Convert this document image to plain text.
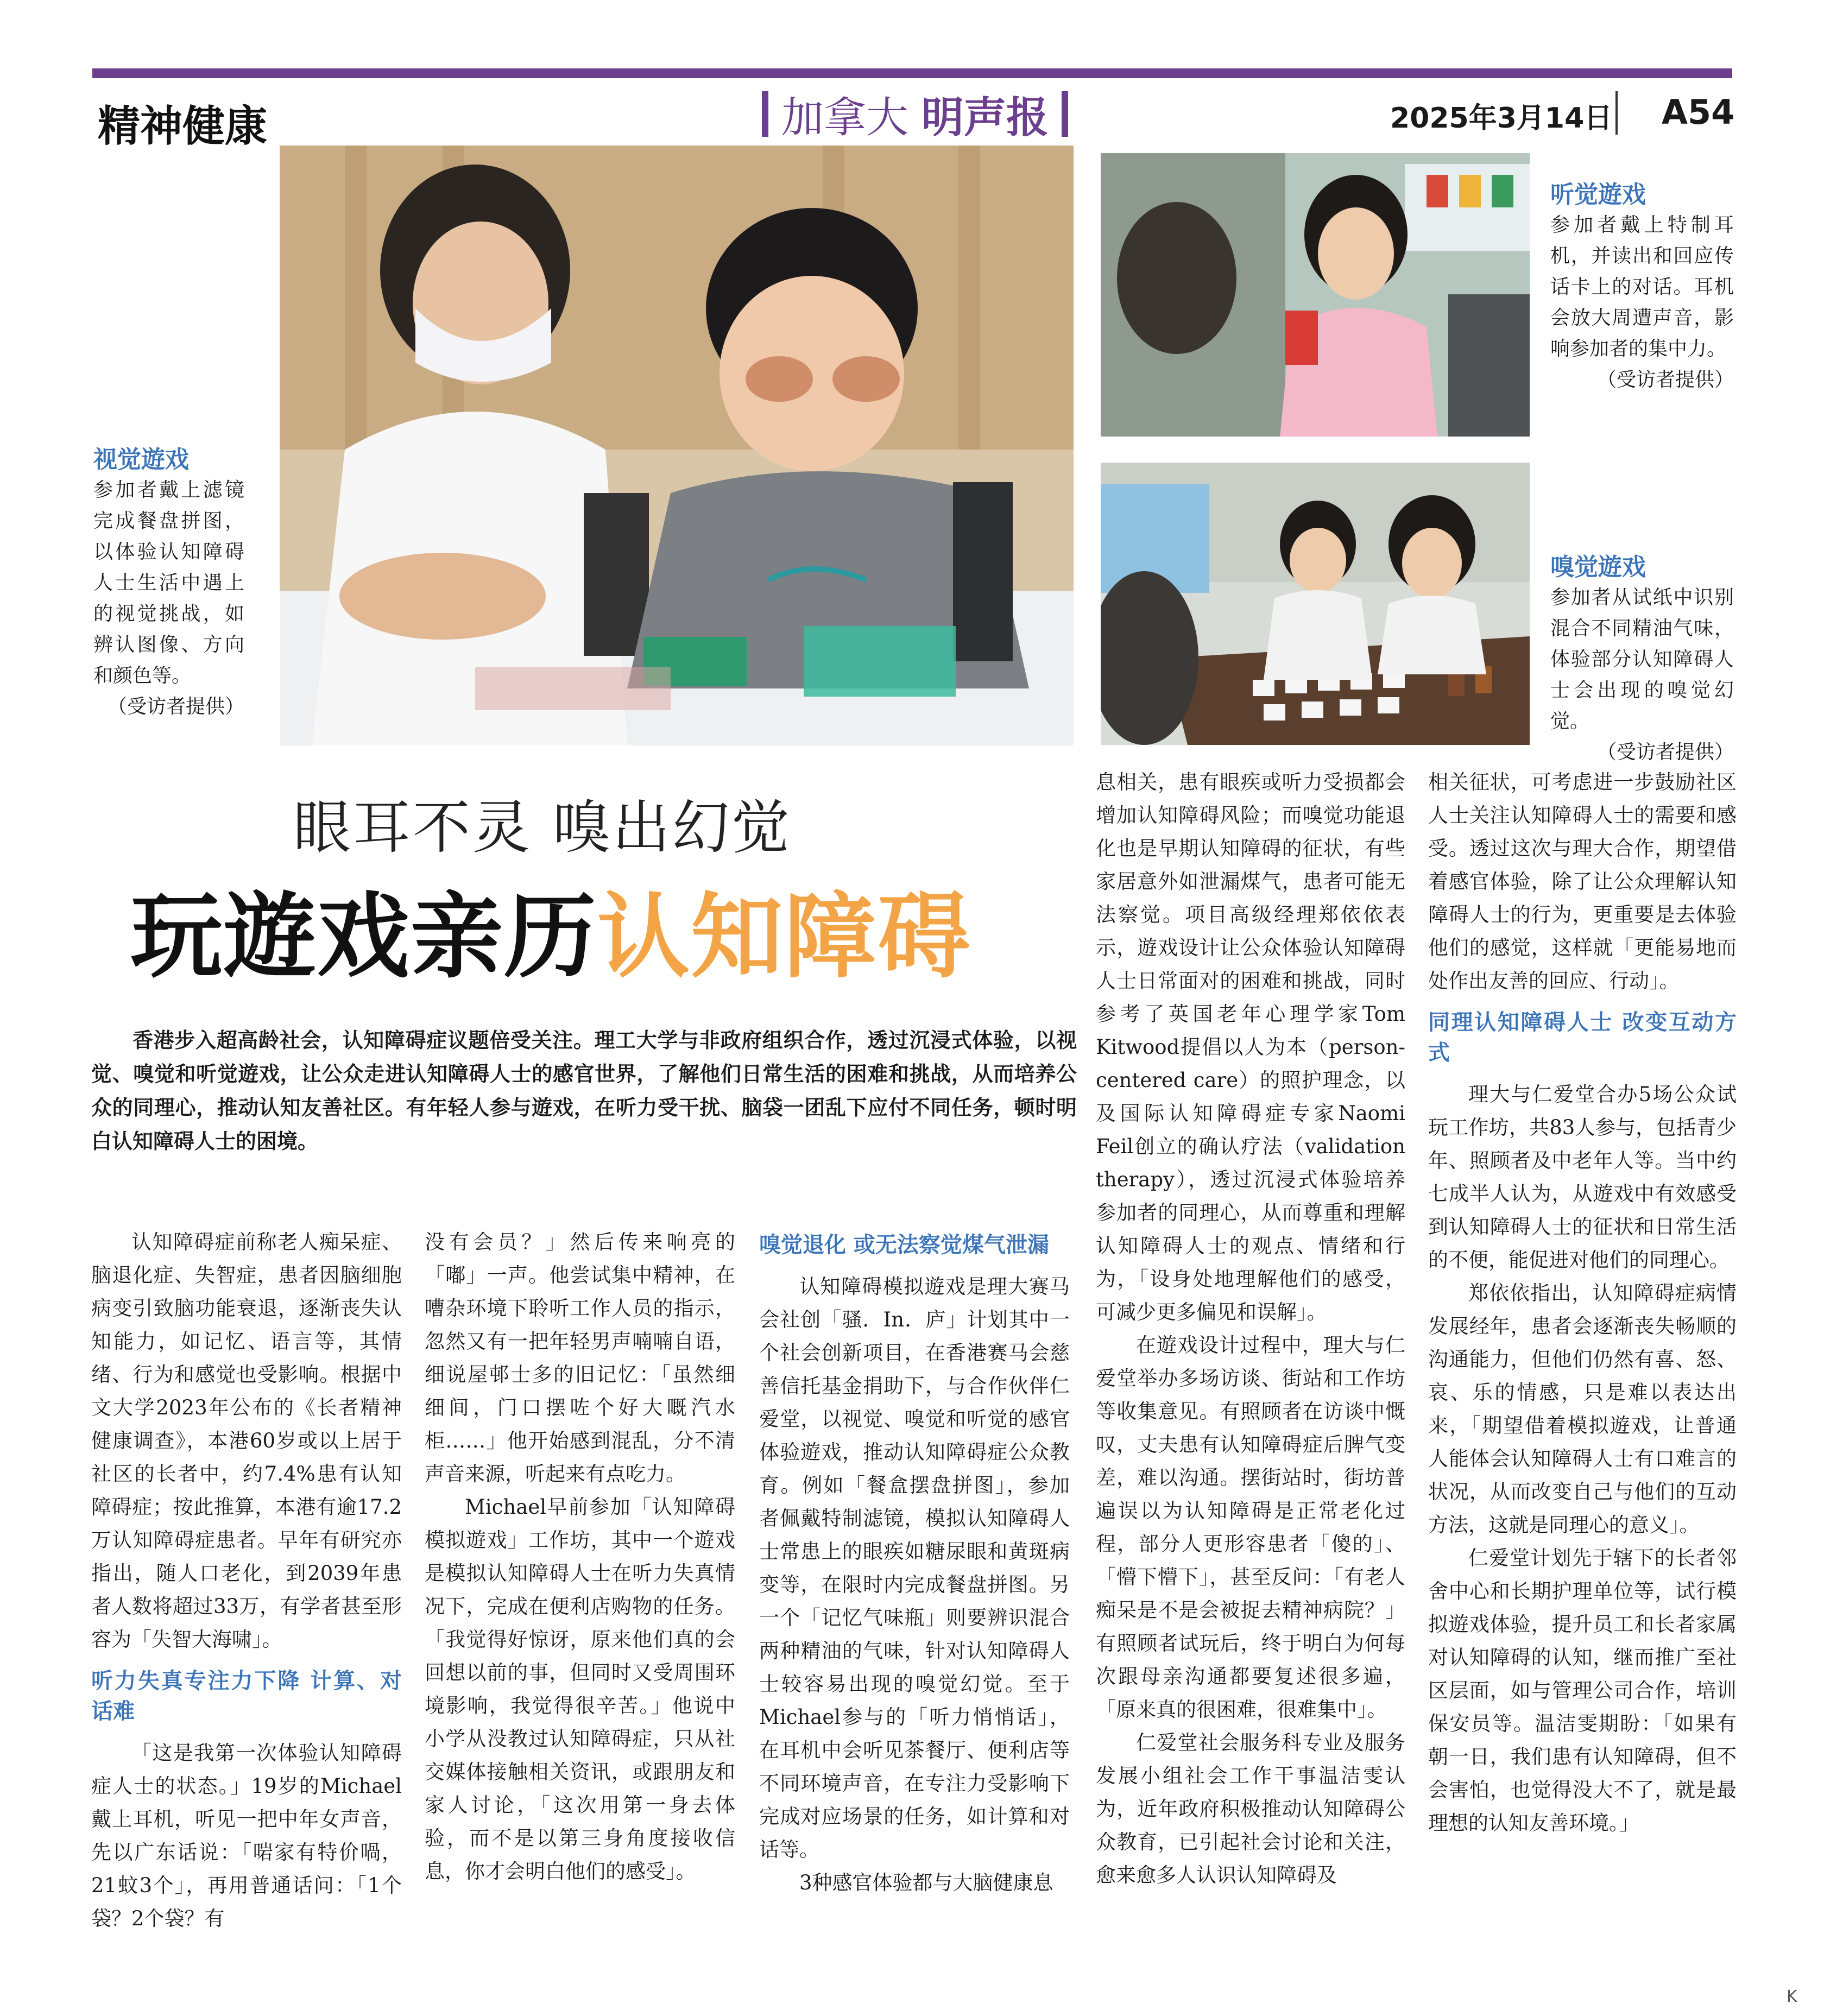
精神健康	加拿大 明声报	2025年3月14日 A54
视觉遊戏
参加者戴上滤镜完成餐盘拼图，以体验认知障碍人士生活中遇上的视觉挑战，如辨认图像、方向和颜色等。
（受访者提供）
听觉遊戏
参加者戴上特制耳机，并读出和回应传话卡上的对话。耳机会放大周遭声音，影响参加者的集中力。
（受访者提供）
嗅觉遊戏
参加者从试纸中识别混合不同精油气味，体验部分认知障碍人士会出现的嗅觉幻觉。
（受访者提供）
眼耳不灵 嗅出幻觉
玩遊戏亲历认知障碍
香港步入超高龄社会，认知障碍症议题倍受关注。理工大学与非政府组织合作，透过沉浸式体验，以视觉、嗅觉和听觉遊戏，让公众走进认知障碍人士的感官世界，了解他们日常生活的困难和挑战，从而培养公众的同理心，推动认知友善社区。有年轻人参与遊戏，在听力受干扰、脑袋一团乱下应付不同任务，顿时明白认知障碍人士的困境。

认知障碍症前称老人痴呆症、脑退化症、失智症，患者因脑细胞病变引致脑功能衰退，逐渐丧失认知能力，如记忆、语言等，其情绪、行为和感觉也受影响。根据中文大学2023年公布的《长者精神健康调查》，本港60岁或以上居于社区的长者中，约7.4%患有认知障碍症；按此推算，本港有逾17.2万认知障碍症患者。早年有研究亦指出，随人口老化，到2039年患者人数将超过33万，有学者甚至形容为「失智大海啸」。

听力失真专注力下降 计算、对话难

「这是我第一次体验认知障碍症人士的状态。」19岁的Michael戴上耳机，听见一把中年女声音，先以广东话说：「啱家有特价喎，21蚊3个」，再用普通话问：「1个袋？2个袋？有

没有会员？」然后传来响亮的「嘟」一声。他尝试集中精神，在嘈杂环境下聆听工作人员的指示，忽然又有一把年轻男声喃喃自语，细说屋邨士多的旧记忆：「虽然细细间，门口摆咗个好大嘅汽水柜……」他开始感到混乱，分不清声音来源，听起来有点吃力。

Michael早前参加「认知障碍模拟遊戏」工作坊，其中一个遊戏是模拟认知障碍人士在听力失真情况下，完成在便利店购物的任务。「我觉得好惊讶，原来他们真的会回想以前的事，但同时又受周围环境影响，我觉得很辛苦。」他说中小学从没教过认知障碍症，只从社交媒体接触相关资讯，或跟朋友和家人讨论，「这次用第一身去体验，而不是以第三身角度接收信息，你才会明白他们的感受」。

嗅觉退化 或无法察觉煤气泄漏

认知障碍模拟遊戏是理大赛马会社创「骚．In．庐」计划其中一个社会创新项目，在香港赛马会慈善信托基金捐助下，与合作伙伴仁爱堂，以视觉、嗅觉和听觉的感官体验遊戏，推动认知障碍症公众教育。例如「餐盒摆盘拼图」，参加者佩戴特制滤镜，模拟认知障碍人士常患上的眼疾如糖尿眼和黄斑病变等，在限时内完成餐盘拼图。另一个「记忆气味瓶」则要辨识混合两种精油的气味，针对认知障碍人士较容易出现的嗅觉幻觉。至于Michael参与的「听力悄悄话」，在耳机中会听见茶餐厅、便利店等不同环境声音，在专注力受影响下完成对应场景的任务，如计算和对话等。

3种感官体验都与大脑健康息

息相关，患有眼疾或听力受损都会增加认知障碍风险；而嗅觉功能退化也是早期认知障碍的征状，有些家居意外如泄漏煤气，患者可能无法察觉。项目高级经理郑依依表示，遊戏设计让公众体验认知障碍人士日常面对的困难和挑战，同时参考了英国老年心理学家Tom Kitwood提倡以人为本（person-centered care）的照护理念，以及国际认知障碍症专家Naomi Feil创立的确认疗法（validation therapy），透过沉浸式体验培养参加者的同理心，从而尊重和理解认知障碍人士的观点、情绪和行为，「设身处地理解他们的感受，可减少更多偏见和误解」。

在遊戏设计过程中，理大与仁爱堂举办多场访谈、街站和工作坊等收集意见。有照顾者在访谈中慨叹，丈夫患有认知障碍症后脾气变差，难以沟通。摆街站时，街坊普遍误以为认知障碍是正常老化过程，部分人更形容患者「傻的」、「懵下懵下」，甚至反问：「有老人痴呆是不是会被捉去精神病院？」有照顾者试玩后，终于明白为何每次跟母亲沟通都要复述很多遍，「原来真的很困难，很难集中」。

仁爱堂社会服务科专业及服务发展小组社会工作干事温洁雯认为，近年政府积极推动认知障碍公众教育，已引起社会讨论和关注，愈来愈多人认识认知障碍及

相关征状，可考虑进一步鼓励社区人士关注认知障碍人士的需要和感受。透过这次与理大合作，期望借着感官体验，除了让公众理解认知障碍人士的行为，更重要是去体验他们的感觉，这样就「更能易地而处作出友善的回应、行动」。

同理认知障碍人士 改变互动方式

理大与仁爱堂合办5场公众试玩工作坊，共83人参与，包括青少年、照顾者及中老年人等。当中约七成半人认为，从遊戏中有效感受到认知障碍人士的征状和日常生活的不便，能促进对他们的同理心。

郑依依指出，认知障碍症病情发展经年，患者会逐渐丧失畅顺的沟通能力，但他们仍然有喜、怒、哀、乐的情感，只是难以表达出来，「期望借着模拟遊戏，让普通人能体会认知障碍人士有口难言的状况，从而改变自己与他们的互动方法，这就是同理心的意义」。

仁爱堂计划先于辖下的长者邻舍中心和长期护理单位等，试行模拟遊戏体验，提升员工和长者家属对认知障碍的认知，继而推广至社区层面，如与管理公司合作，培训保安员等。温洁雯期盼：「如果有朝一日，我们患有认知障碍，但不会害怕，也觉得没大不了，就是最理想的认知友善环境。」

K
